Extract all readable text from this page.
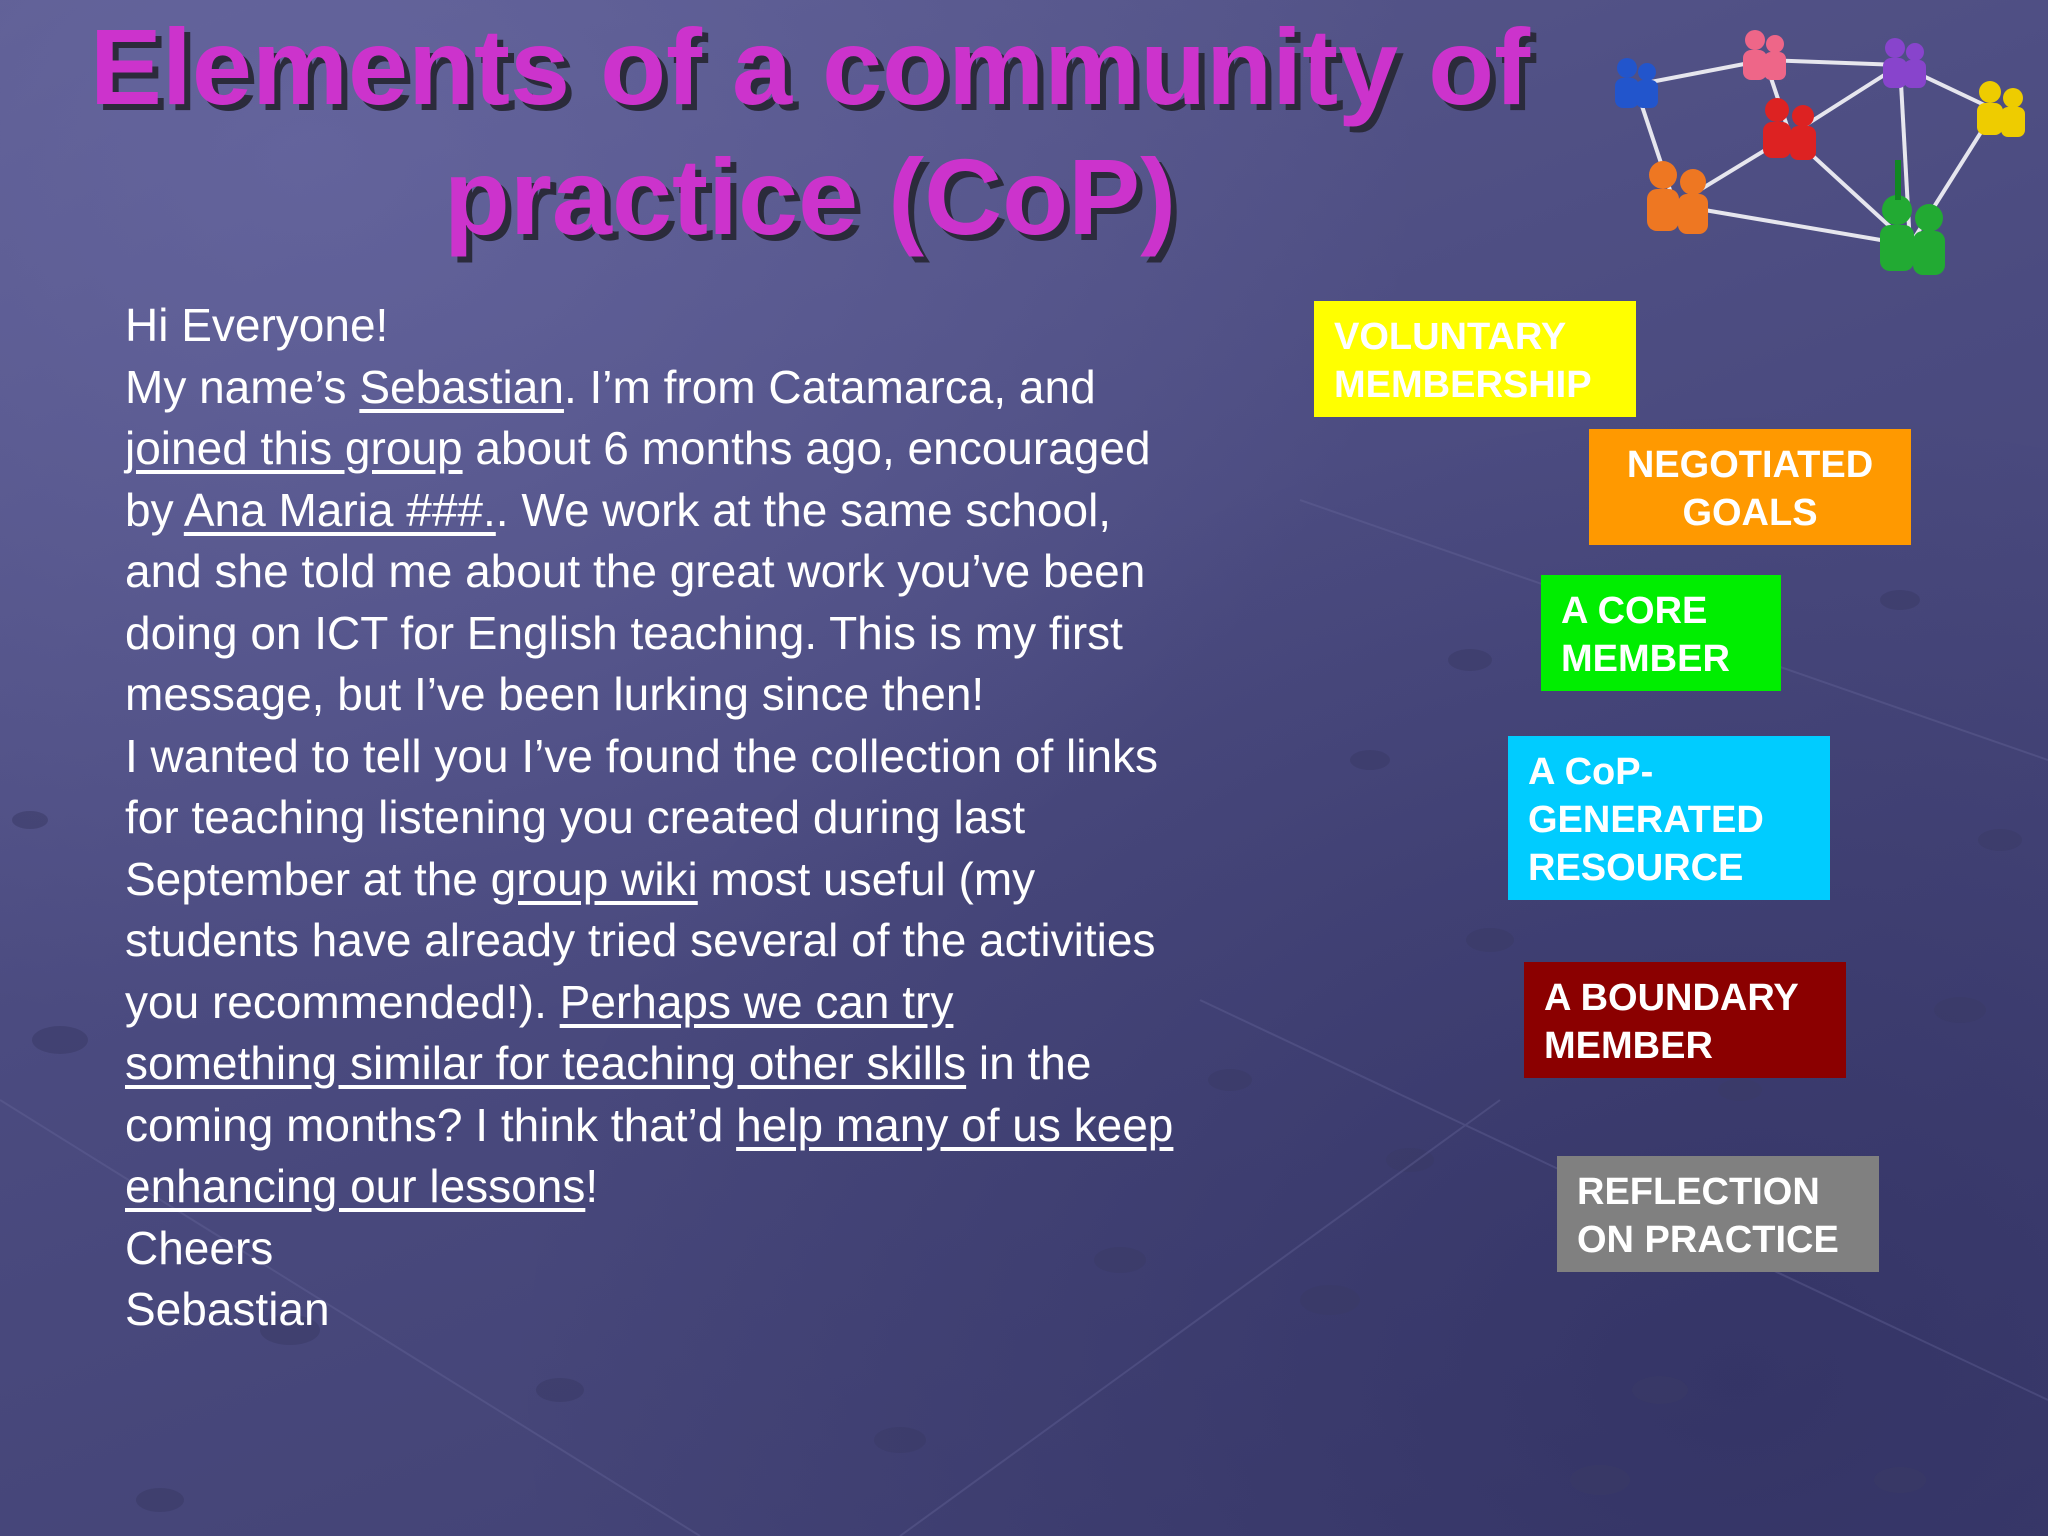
Elements of a community of
practice (CoP)
Hi Everyone!
My name’s Sebastian. I’m from Catamarca, and
joined this group about 6 months ago, encouraged
by Ana Maria ###.. We work at the same school,
and she told me about the great work you’ve been
doing on ICT for English teaching. This is my first
message, but I’ve been lurking since then!
I wanted to tell you I’ve found the collection of links
for teaching listening you created during last
September at the group wiki most useful (my
students have already tried several of the activities
you recommended!). Perhaps we can try
something similar for teaching other skills in the
coming months? I think that’d help many of us keep
enhancing our lessons!
Cheers
Sebastian
VOLUNTARY
MEMBERSHIP
NEGOTIATED
GOALS
A CORE
MEMBER
A CoP-
GENERATED
RESOURCE
A BOUNDARY
MEMBER
REFLECTION
ON PRACTICE
